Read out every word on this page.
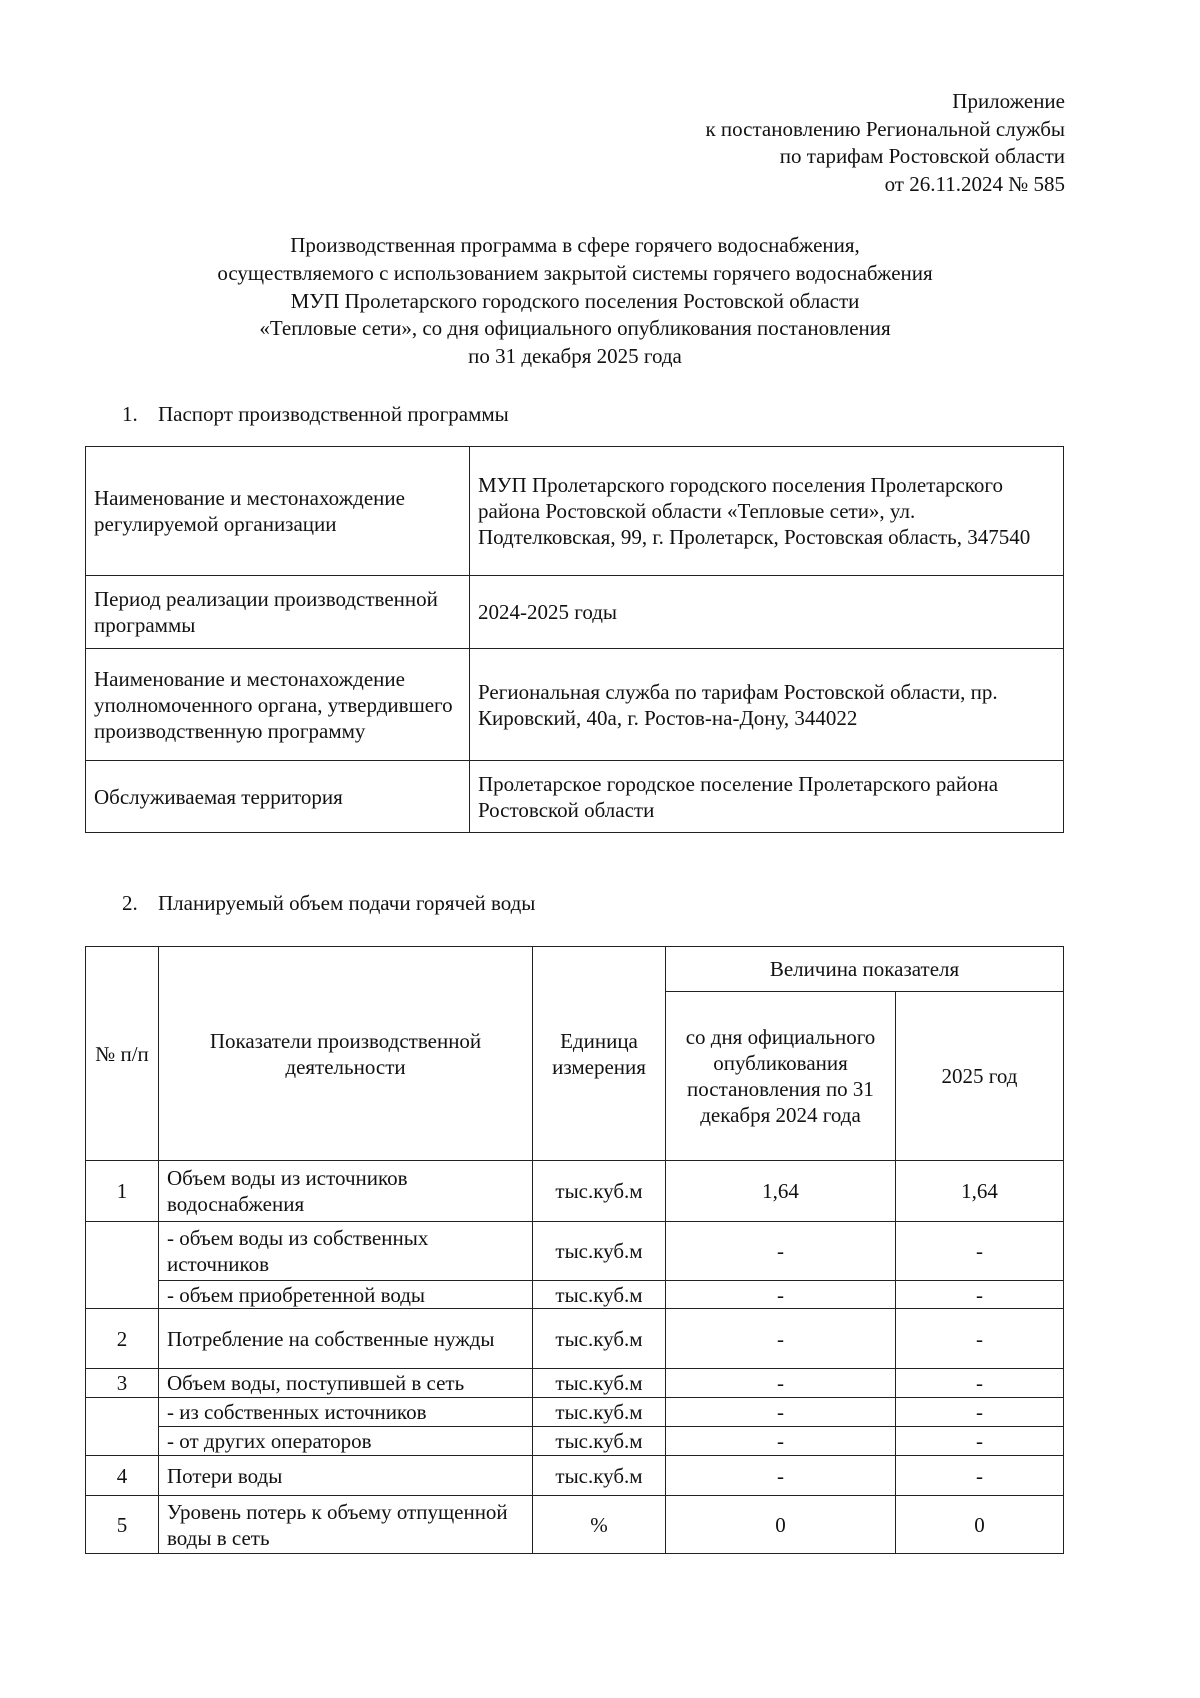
Приложение
к постановлению Региональной службы
по тарифам Ростовской области
от 26.11.2024 № 585
Производственная программа в сфере горячего водоснабжения,
осуществляемого с использованием закрытой системы горячего водоснабжения
МУП Пролетарского городского поселения Ростовской области
«Тепловые сети», со дня официального опубликования постановления
по 31 декабря 2025 года
1. Паспорт производственной программы
Наименование и местонахождение регулируемой организации	МУП Пролетарского городского поселения Пролетарского района Ростовской области «Тепловые сети», ул. Подтелковская, 99, г. Пролетарск, Ростовская область, 347540
Период реализации производственной программы	2024-2025 годы
Наименование и местонахождение уполномоченного органа, утвердившего производственную программу	Региональная служба по тарифам Ростовской области, пр. Кировский, 40а, г. Ростов-на-Дону, 344022
Обслуживаемая территория	Пролетарское городское поселение Пролетарского района Ростовской области
2. Планируемый объем подачи горячей воды
№ п/п	Показатели производственной деятельности	Единица измерения	Величина показателя	
			со дня официального опубликования постановления по 31 декабря 2024 года	2025 год
1	Объем воды из источников водоснабжения	тыс.куб.м	1,64	1,64
	- объем воды из собственных источников	тыс.куб.м	-	-
	- объем приобретенной воды	тыс.куб.м	-	-
2	Потребление на собственные нужды	тыс.куб.м	-	-
3	Объем воды, поступившей в сеть	тыс.куб.м	-	-
	- из собственных источников	тыс.куб.м	-	-
	- от других операторов	тыс.куб.м	-	-
4	Потери воды	тыс.куб.м	-	-
5	Уровень потерь к объему отпущенной воды в сеть	%	0	0
